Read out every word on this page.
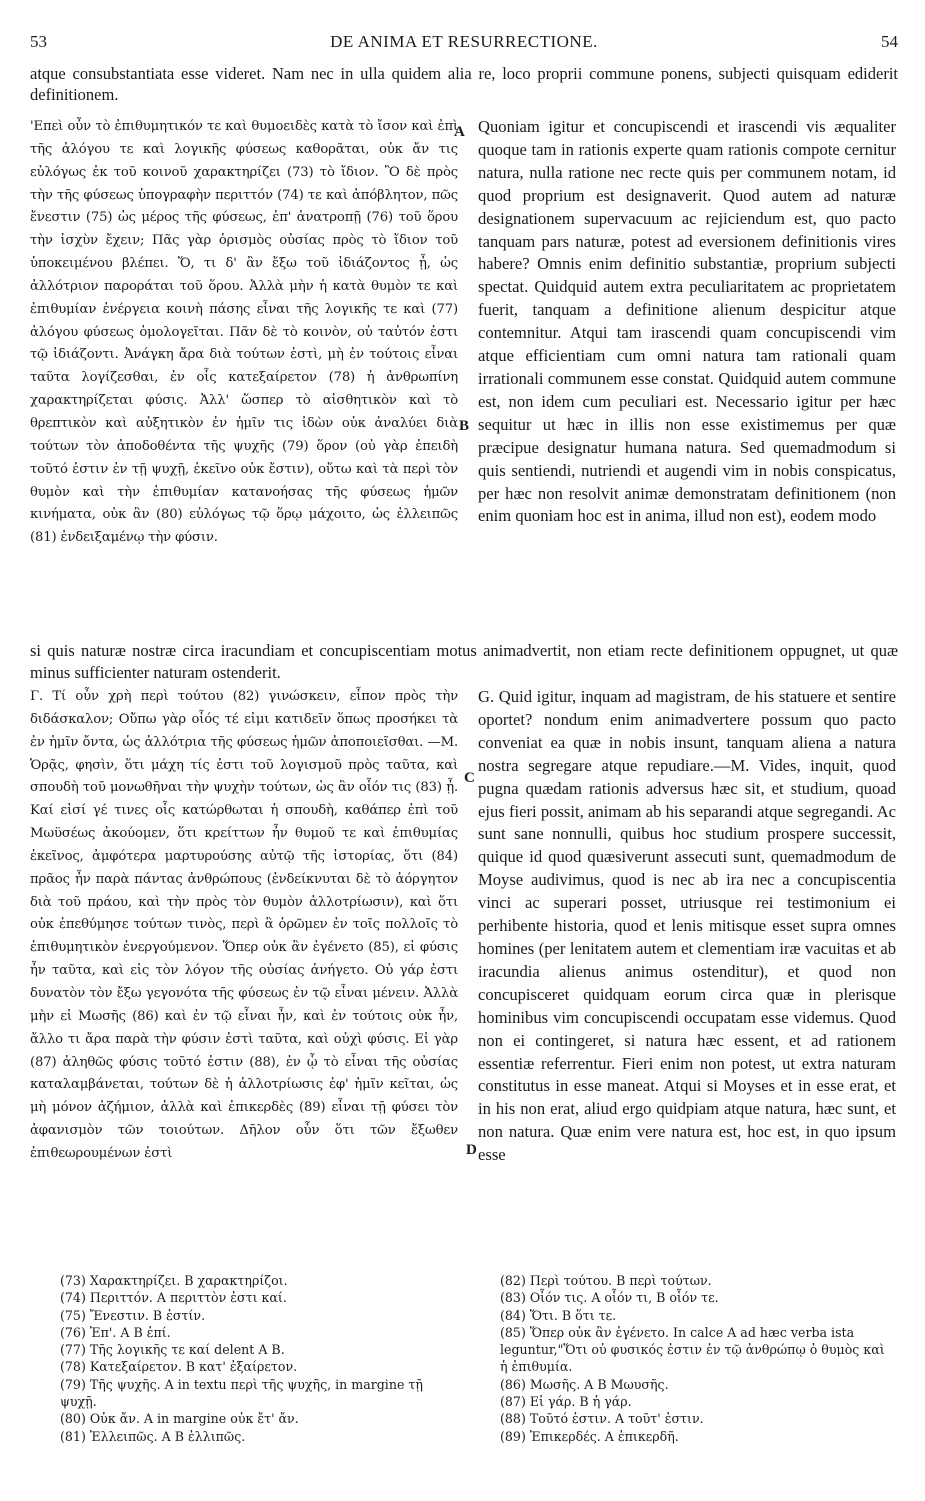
53	DE ANIMA ET RESURRECTIONE.	54

atque consubstantiata esse videret. Nam nec in ulla quidem alia re, loco proprii commune ponens, subjecti quisquam ediderit definitionem.

'Επεὶ οὖν τὸ ἐπιθυμητικόν τε καὶ θυμοειδὲς κατὰ τὸ ἴσον καὶ ἐπὶ τῆς ἀλόγου τε καὶ λογικῆς φύσεως καθορᾶται, οὐκ ἄν τις εὐλόγως ἐκ τοῦ κοινοῦ χαρακτηρίζει (73) τὸ ἴδιον. Ὃ δὲ πρὸς τὴν τῆς φύσεως ὑπογραφὴν περιττόν (74) τε καὶ ἀπόβλητον, πῶς ἔνεστιν (75) ὡς μέρος τῆς φύσεως, ἐπ' ἀνατροπῇ (76) τοῦ ὅρου τὴν ἰσχὺν ἔχειν; Πᾶς γὰρ ὁρισμὸς οὐσίας πρὸς τὸ ἴδιον τοῦ ὑποκειμένου βλέπει. Ὅ, τι δ' ἂν ἔξω τοῦ ἰδιάζοντος ᾖ, ὡς ἀλλότριον παροράται τοῦ ὅρου. Ἀλλὰ μὴν ἡ κατὰ θυμὸν τε καὶ ἐπιθυμίαν ἐνέργεια κοινὴ πάσης εἶναι τῆς λογικῆς τε καὶ (77) ἀλόγου φύσεως ὁμολογεῖται. Πᾶν δὲ τὸ κοινὸν, οὐ ταὐτόν ἐστι τῷ ἰδιάζοντι. Ἀνάγκη ἄρα διὰ τούτων ἐστὶ, μὴ ἐν τούτοις εἶναι ταῦτα λογίζεσθαι, ἐν οἷς κατεξαίρετον (78) ἡ ἀνθρωπίνη χαρακτηρίζεται φύσις. Ἀλλ' ὥσπερ τὸ αἰσθητικὸν καὶ τὸ θρεπτικὸν καὶ αὐξητικὸν ἐν ἡμῖν τις ἰδὼν οὐκ ἀναλύει διὰ τούτων τὸν ἀποδοθέντα τῆς ψυχῆς (79) ὅρον (οὐ γὰρ ἐπειδὴ τοῦτό ἐστιν ἐν τῇ ψυχῇ, ἐκεῖνο οὐκ ἔστιν), οὕτω καὶ τὰ περὶ τὸν θυμὸν καὶ τὴν ἐπιθυμίαν κατανοήσας τῆς φύσεως ἡμῶν κινήματα, οὐκ ἂν (80) εὐλόγως τῷ ὅρῳ μάχοιτο, ὡς ἐλλειπῶς (81) ἐνδειξαμένῳ τὴν φύσιν.

Quoniam igitur et concupiscendi et irascendi vis æqualiter quoque tam in rationis experte quam rationis compote cernitur natura, nulla ratione nec recte quis per communem notam, id quod proprium est designaverit. Quod autem ad naturæ designationem supervacuum ac rejiciendum est, quo pacto tanquam pars naturæ, potest ad eversionem definitionis vires habere? Omnis enim definitio substantiæ, proprium subjecti spectat. Quidquid autem extra peculiaritatem ac proprietatem fuerit, tanquam a definitione alienum despicitur atque contemnitur. Atqui tam irascendi quam concupiscendi vim atque efficientiam cum omni natura tam rationali quam irrationali communem esse constat. Quidquid autem commune est, non idem cum peculiari est. Necessario igitur per hæc sequitur ut hæc in illis non esse existimemus per quæ præcipue designatur humana natura. Sed quemadmodum si quis sentiendi, nutriendi et augendi vim in nobis conspicatus, per hæc non resolvit animæ demonstratam definitionem (non enim quoniam hoc est in anima, illud non est), eodem modo

A
B

si quis naturæ nostræ circa iracundiam et concupiscentiam motus animadvertit, non etiam recte definitionem oppugnet, ut quæ minus sufficienter naturam ostenderit.

Γ. Τί οὖν χρὴ περὶ τούτου (82) γινώσκειν, εἶπον πρὸς τὴν διδάσκαλον; Οὔπω γὰρ οἷός τέ εἰμι κατιδεῖν ὅπως προσήκει τὰ ἐν ἡμῖν ὄντα, ὡς ἀλλότρια τῆς φύσεως ἡμῶν ἀποποιεῖσθαι. —Μ. Ὁρᾷς, φησὶν, ὅτι μάχη τίς ἐστι τοῦ λογισμοῦ πρὸς ταῦτα, καὶ σπουδὴ τοῦ μονωθῆναι τὴν ψυχὴν τούτων, ὡς ἂν οἷόν τις (83) ᾖ. Καί εἰσί γέ τινες οἷς κατώρθωται ἡ σπουδὴ, καθάπερ ἐπὶ τοῦ Μωϋσέως ἀκούομεν, ὅτι κρείττων ἦν θυμοῦ τε καὶ ἐπιθυμίας ἐκεῖνος, ἀμφότερα μαρτυρούσης αὐτῷ τῆς ἱστορίας, ὅτι (84) πρᾶος ἦν παρὰ πάντας ἀνθρώπους (ἐνδείκνυται δὲ τὸ ἀόργητον διὰ τοῦ πράου, καὶ τὴν πρὸς τὸν θυμὸν ἀλλοτρίωσιν), καὶ ὅτι οὐκ ἐπεθύμησε τούτων τινὸς, περὶ ἃ ὁρῶμεν ἐν τοῖς πολλοῖς τὸ ἐπιθυμητικὸν ἐνεργούμενον. Ὅπερ οὐκ ἂν ἐγένετο (85), εἰ φύσις ἦν ταῦτα, καὶ εἰς τὸν λόγον τῆς οὐσίας ἀνήγετο. Οὐ γάρ ἐστι δυνατὸν τὸν ἔξω γεγονότα τῆς φύσεως ἐν τῷ εἶναι μένειν. Ἀλλὰ μὴν εἰ Μωσῆς (86) καὶ ἐν τῷ εἶναι ἦν, καὶ ἐν τούτοις οὐκ ἦν, ἄλλο τι ἄρα παρὰ τὴν φύσιν ἐστὶ ταῦτα, καὶ οὐχὶ φύσις. Εἰ γὰρ (87) ἀληθῶς φύσις τοῦτό ἐστιν (88), ἐν ᾧ τὸ εἶναι τῆς οὐσίας καταλαμβάνεται, τούτων δὲ ἡ ἀλλοτρίωσις ἐφ' ἡμῖν κεῖται, ὡς μὴ μόνον ἀζήμιον, ἀλλὰ καὶ ἐπικερδὲς (89) εἶναι τῇ φύσει τὸν ἀφανισμὸν τῶν τοιούτων. Δῆλον οὖν ὅτι τῶν ἔξωθεν ἐπιθεωρουμένων ἐστὶ

G. Quid igitur, inquam ad magistram, de his statuere et sentire oportet? nondum enim animadvertere possum quo pacto conveniat ea quæ in nobis insunt, tanquam aliena a natura nostra segregare atque repudiare.—M. Vides, inquit, quod pugna quædam rationis adversus hæc sit, et studium, quoad ejus fieri possit, animam ab his separandi atque segregandi. Ac sunt sane nonnulli, quibus hoc studium prospere successit, quique id quod quæsiverunt assecuti sunt, quemadmodum de Moyse audivimus, quod is nec ab ira nec a concupiscentia vinci ac superari posset, utriusque rei testimonium ei perhibente historia, quod et lenis mitisque esset supra omnes homines (per lenitatem autem et clementiam iræ vacuitas et ab iracundia alienus animus ostenditur), et quod non concupisceret quidquam eorum circa quæ in plerisque hominibus vim concupiscendi occupatam esse videmus. Quod non ei contingeret, si natura hæc essent, et ad rationem essentiæ referrentur. Fieri enim non potest, ut extra naturam constitutus in esse maneat. Atqui si Moyses et in esse erat, et in his non erat, aliud ergo quidpiam atque natura, hæc sunt, et non natura. Quæ enim vere natura est, hoc est, in quo ipsum esse

C
D
(73) Χαρακτηρίζει. B χαρακτηρίζοι.
(74) Περιττόν. A περιττὸν ἐστι καί.
(75) Ἔνεστιν. B ἐστίν.
(76) Ἐπ'. A B ἐπί.
(77) Τῆς λογικῆς τε καί delent A B.
(78) Κατεξαίρετον. B κατ' ἐξαίρετον.
(79) Τῆς ψυχῆς. A in textu περὶ τῆς ψυχῆς, in margine τῇ ψυχῇ.
(80) Οὐκ ἄν. A in margine οὐκ ἔτ' ἄν.
(81) Ἐλλειπῶς. A B ἐλλιπῶς.
(82) Περὶ τούτου. B περὶ τούτων.
(83) Οἷόν τις. A οἷόν τι, B οἷόν τε.
(84) Ὅτι. B ὅτι τε.
(85) Ὅπερ οὐκ ἂν ἐγένετο. In calce A ad hæc verba ista leguntur,"Ὅτι οὐ φυσικός ἐστιν ἐν τῷ ἀνθρώπῳ ὁ θυμὸς καὶ ἡ ἐπιθυμία.
(86) Μωσῆς. A B Μωυσῆς.
(87) Εἰ γάρ. B ἡ γάρ.
(88) Τοῦτό ἐστιν. A τοῦτ' ἐστιν.
(89) Ἐπικερδές. A ἐπικερδῆ.
